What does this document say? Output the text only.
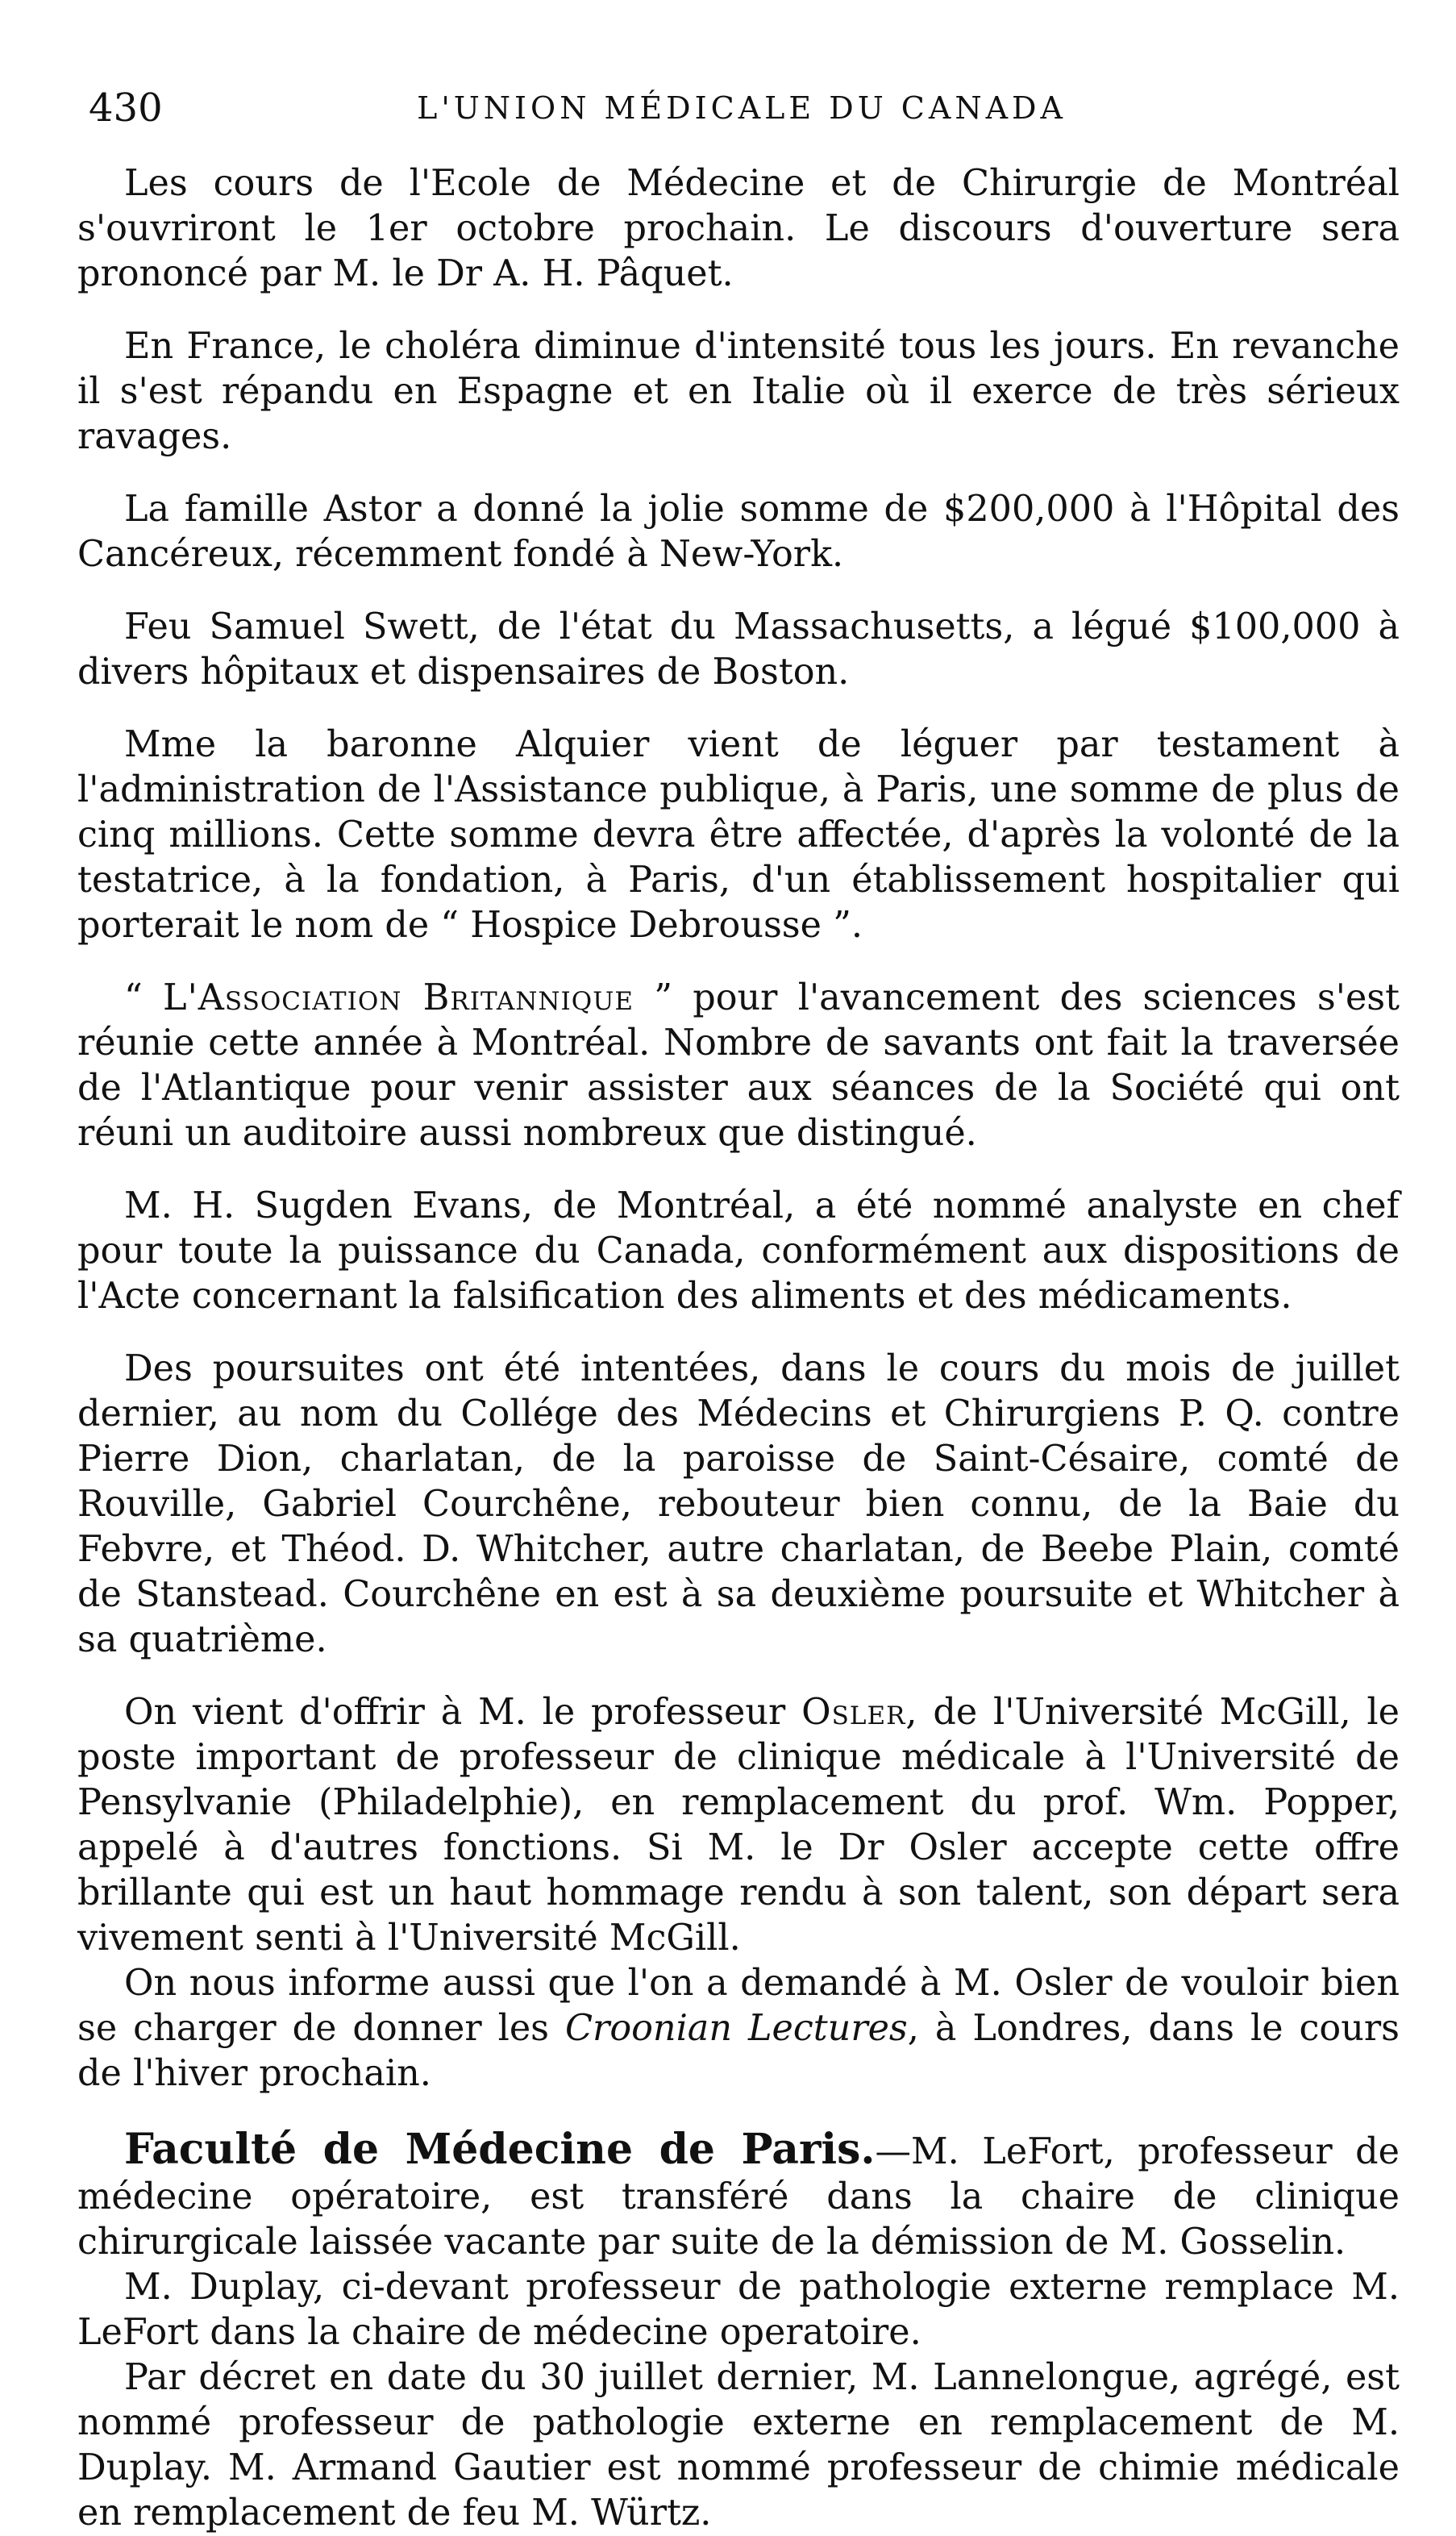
430	L'UNION MÉDICALE DU CANADA

Les cours de l'Ecole de Médecine et de Chirurgie de Montréal s'ouvriront le 1er octobre prochain. Le discours d'ouverture sera prononcé par M. le Dr A. H. Pâquet.

En France, le choléra diminue d'intensité tous les jours. En revanche il s'est répandu en Espagne et en Italie où il exerce de très sérieux ravages.

La famille Astor a donné la jolie somme de $200,000 à l'Hôpital des Cancéreux, récemment fondé à New-York.

Feu Samuel Swett, de l'état du Massachusetts, a légué $100,000 à divers hôpitaux et dispensaires de Boston.

Mme la baronne Alquier vient de léguer par testament à l'administration de l'Assistance publique, à Paris, une somme de plus de cinq millions. Cette somme devra être affectée, d'après la volonté de la testatrice, à la fondation, à Paris, d'un établissement hospitalier qui porterait le nom de “ Hospice Debrousse ”.

“ L'Association Britannique ” pour l'avancement des sciences s'est réunie cette année à Montréal. Nombre de savants ont fait la traversée de l'Atlantique pour venir assister aux séances de la Société qui ont réuni un auditoire aussi nombreux que distingué.

M. H. Sugden Evans, de Montréal, a été nommé analyste en chef pour toute la puissance du Canada, conformément aux dispositions de l'Acte concernant la falsification des aliments et des médicaments.

Des poursuites ont été intentées, dans le cours du mois de juillet dernier, au nom du Collége des Médecins et Chirurgiens P. Q. contre Pierre Dion, charlatan, de la paroisse de Saint-Césaire, comté de Rouville, Gabriel Courchêne, rebouteur bien connu, de la Baie du Febvre, et Théod. D. Whitcher, autre charlatan, de Beebe Plain, comté de Stanstead. Courchêne en est à sa deuxième poursuite et Whitcher à sa quatrième.

On vient d'offrir à M. le professeur Osler, de l'Université McGill, le poste important de professeur de clinique médicale à l'Université de Pensylvanie (Philadelphie), en remplacement du prof. Wm. Popper, appelé à d'autres fonctions. Si M. le Dr Osler accepte cette offre brillante qui est un haut hommage rendu à son talent, son départ sera vivement senti à l'Université McGill.

On nous informe aussi que l'on a demandé à M. Osler de vouloir bien se charger de donner les Croonian Lectures, à Londres, dans le cours de l'hiver prochain.

Faculté de Médecine de Paris.—M. LeFort, professeur de médecine opératoire, est transféré dans la chaire de clinique chirurgicale laissée vacante par suite de la démission de M. Gosselin.

M. Duplay, ci-devant professeur de pathologie externe remplace M. LeFort dans la chaire de médecine operatoire.

Par décret en date du 30 juillet dernier, M. Lannelongue, agrégé, est nommé professeur de pathologie externe en remplacement de M. Duplay. M. Armand Gautier est nommé professeur de chimie médicale en remplacement de feu M. Würtz.
